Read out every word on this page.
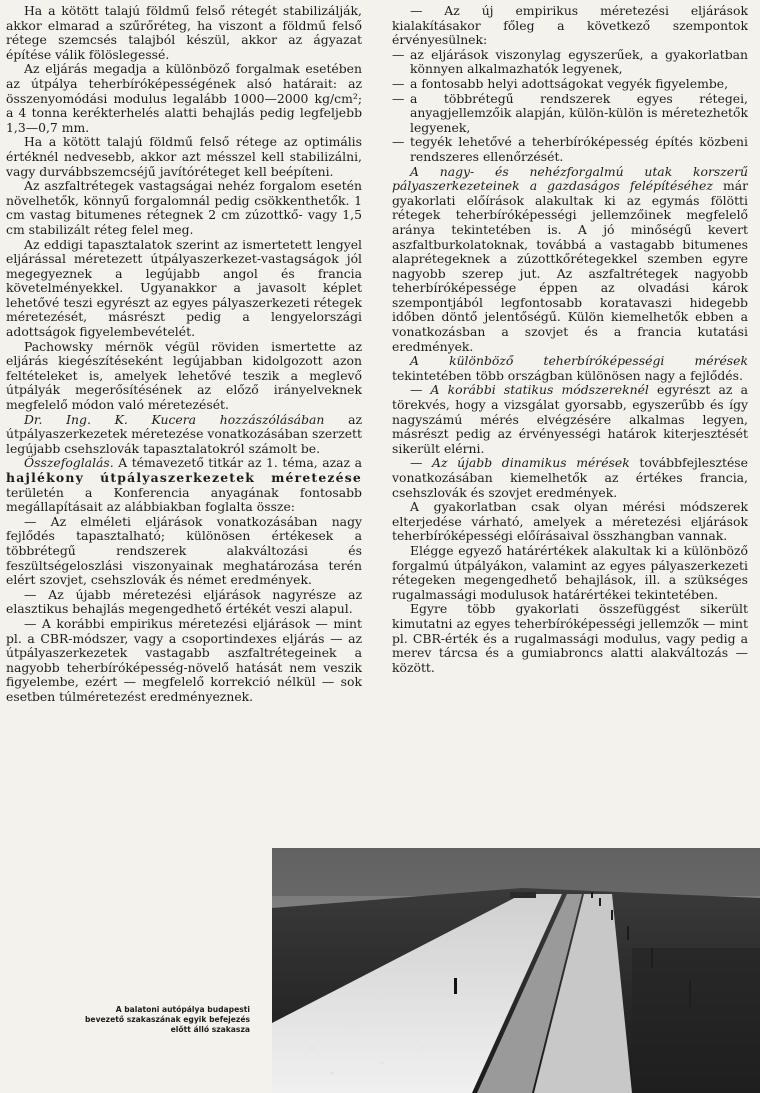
Ha a kötött talajú földmű felső rétegét stabilizálják, akkor elmarad a szűrőréteg, ha viszont a földmű felső rétege szemcsés talajból készül, akkor az ágyazat építése válik fölöslegessé.

Az eljárás megadja a különböző forgalmak esetében az útpálya teherbíróképességének alsó határait: az összenyomódási modulus legalább 1000—2000 kg/cm²; a 4 tonna kerékterhelés alatti behajlás pedig legfeljebb 1,3—0,7 mm.

Ha a kötött talajú földmű felső rétege az optimális értéknél nedvesebb, akkor azt mésszel kell stabilizálni, vagy durvábbszemcséjű javítóréteget kell beépíteni.

Az aszfaltrétegek vastagságai nehéz forgalom esetén növelhetők, könnyű forgalomnál pedig csökkenthetők. 1 cm vastag bitumenes rétegnek 2 cm zúzottkő- vagy 1,5 cm stabilizált réteg felel meg.

Az eddigi tapasztalatok szerint az ismertetett lengyel eljárással méretezett útpályaszerkezet-vastagságok jól megegyeznek a legújabb angol és francia követelményekkel. Ugyanakkor a javasolt képlet lehetővé teszi egyrészt az egyes pályaszerkezeti rétegek méretezését, másrészt pedig a lengyelországi adottságok figyelembevételét.

Pachowsky mérnök végül röviden ismertette az eljárás kiegészítéseként legújabban kidolgozott azon feltételeket is, amelyek lehetővé teszik a meglevő útpályák megerősítésének az előző irányelveknek megfelelő módon való méretezését.

Dr. Ing. K. Kucera hozzászólásában az útpályaszerkezetek méretezése vonatkozásában szerzett legújabb csehszlovák tapasztalatokról számolt be.

Összefoglalás. A témavezető titkár az 1. téma, azaz a hajlékony útpályaszerkezetek méretezése területén a Konferencia anyagának fontosabb megállapításait az alábbiakban foglalta össze:

— Az elméleti eljárások vonatkozásában nagy fejlődés tapasztalható; különösen értékesek a többrétegű rendszerek alakváltozási és feszültségeloszlási viszonyainak meghatározása terén elért szovjet, csehszlovák és német eredmények.

— Az újabb méretezési eljárások nagyrésze az elasztikus behajlás megengedhető értékét veszi alapul.

— A korábbi empirikus méretezési eljárások — mint pl. a CBR-módszer, vagy a csoportindexes eljárás — az útpályaszerkezetek vastagabb aszfaltrétegeinek a nagyobb teherbíróképesség-növelő hatását nem veszik figyelembe, ezért — megfelelő korrekció nélkül — sok esetben túlméretezést eredményeznek.

— Az új empirikus méretezési eljárások kialakításakor főleg a következő szempontok érvényesülnek:

— az eljárások viszonylag egyszerűek, a gyakorlatban könnyen alkalmazhatók legyenek,

— a fontosabb helyi adottságokat vegyék figyelembe,

— a többrétegű rendszerek egyes rétegei, anyagjellemzőik alapján, külön-külön is méretezhetők legyenek,

— tegyék lehetővé a teherbíróképesség építés közbeni rendszeres ellenőrzését.

A nagy- és nehézforgalmú utak korszerű pályaszerkezeteinek a gazdaságos felépítéséhez már gyakorlati előírások alakultak ki az egymás fölötti rétegek teherbíróképességi jellemzőinek megfelelő aránya tekintetében is. A jó minőségű kevert aszfaltburkolatoknak, továbbá a vastagabb bitumenes alaprétegeknek a zúzottkőrétegekkel szemben egyre nagyobb szerep jut. Az aszfaltrétegek nagyobb teherbíróképessége éppen az olvadási károk szempontjából legfontosabb koratavaszi hidegebb időben döntő jelentőségű. Külön kiemelhetők ebben a vonatkozásban a szovjet és a francia kutatási eredmények.

A különböző teherbíróképességi mérések tekintetében több országban különösen nagy a fejlődés.

— A korábbi statikus módszereknél egyrészt az a törekvés, hogy a vizsgálat gyorsabb, egyszerűbb és így nagyszámú mérés elvégzésére alkalmas legyen, másrészt pedig az érvényességi határok kiterjesztését sikerült elérni.

— Az újabb dinamikus mérések továbbfejlesztése vonatkozásában kiemelhetők az értékes francia, csehszlovák és szovjet eredmények.

A gyakorlatban csak olyan mérési módszerek elterjedése várható, amelyek a méretezési eljárások teherbíróképességi előírásaival összhangban vannak.

Elégge egyező határértékek alakultak ki a különböző forgalmú útpályákon, valamint az egyes pályaszerkezeti rétegeken megengedhető behajlások, ill. a szükséges rugalmassági modulusok határértékei tekintetében.

Egyre több gyakorlati összefüggést sikerült kimutatni az egyes teherbíróképességi jellemzők — mint pl. CBR-érték és a rugalmassági modulus, vagy pedig a merev tárcsa és a gumiabroncs alatti alakváltozás — között.

A balatoni autópálya budapesti bevezető szakaszának egyik befejezés előtt álló szakasza
